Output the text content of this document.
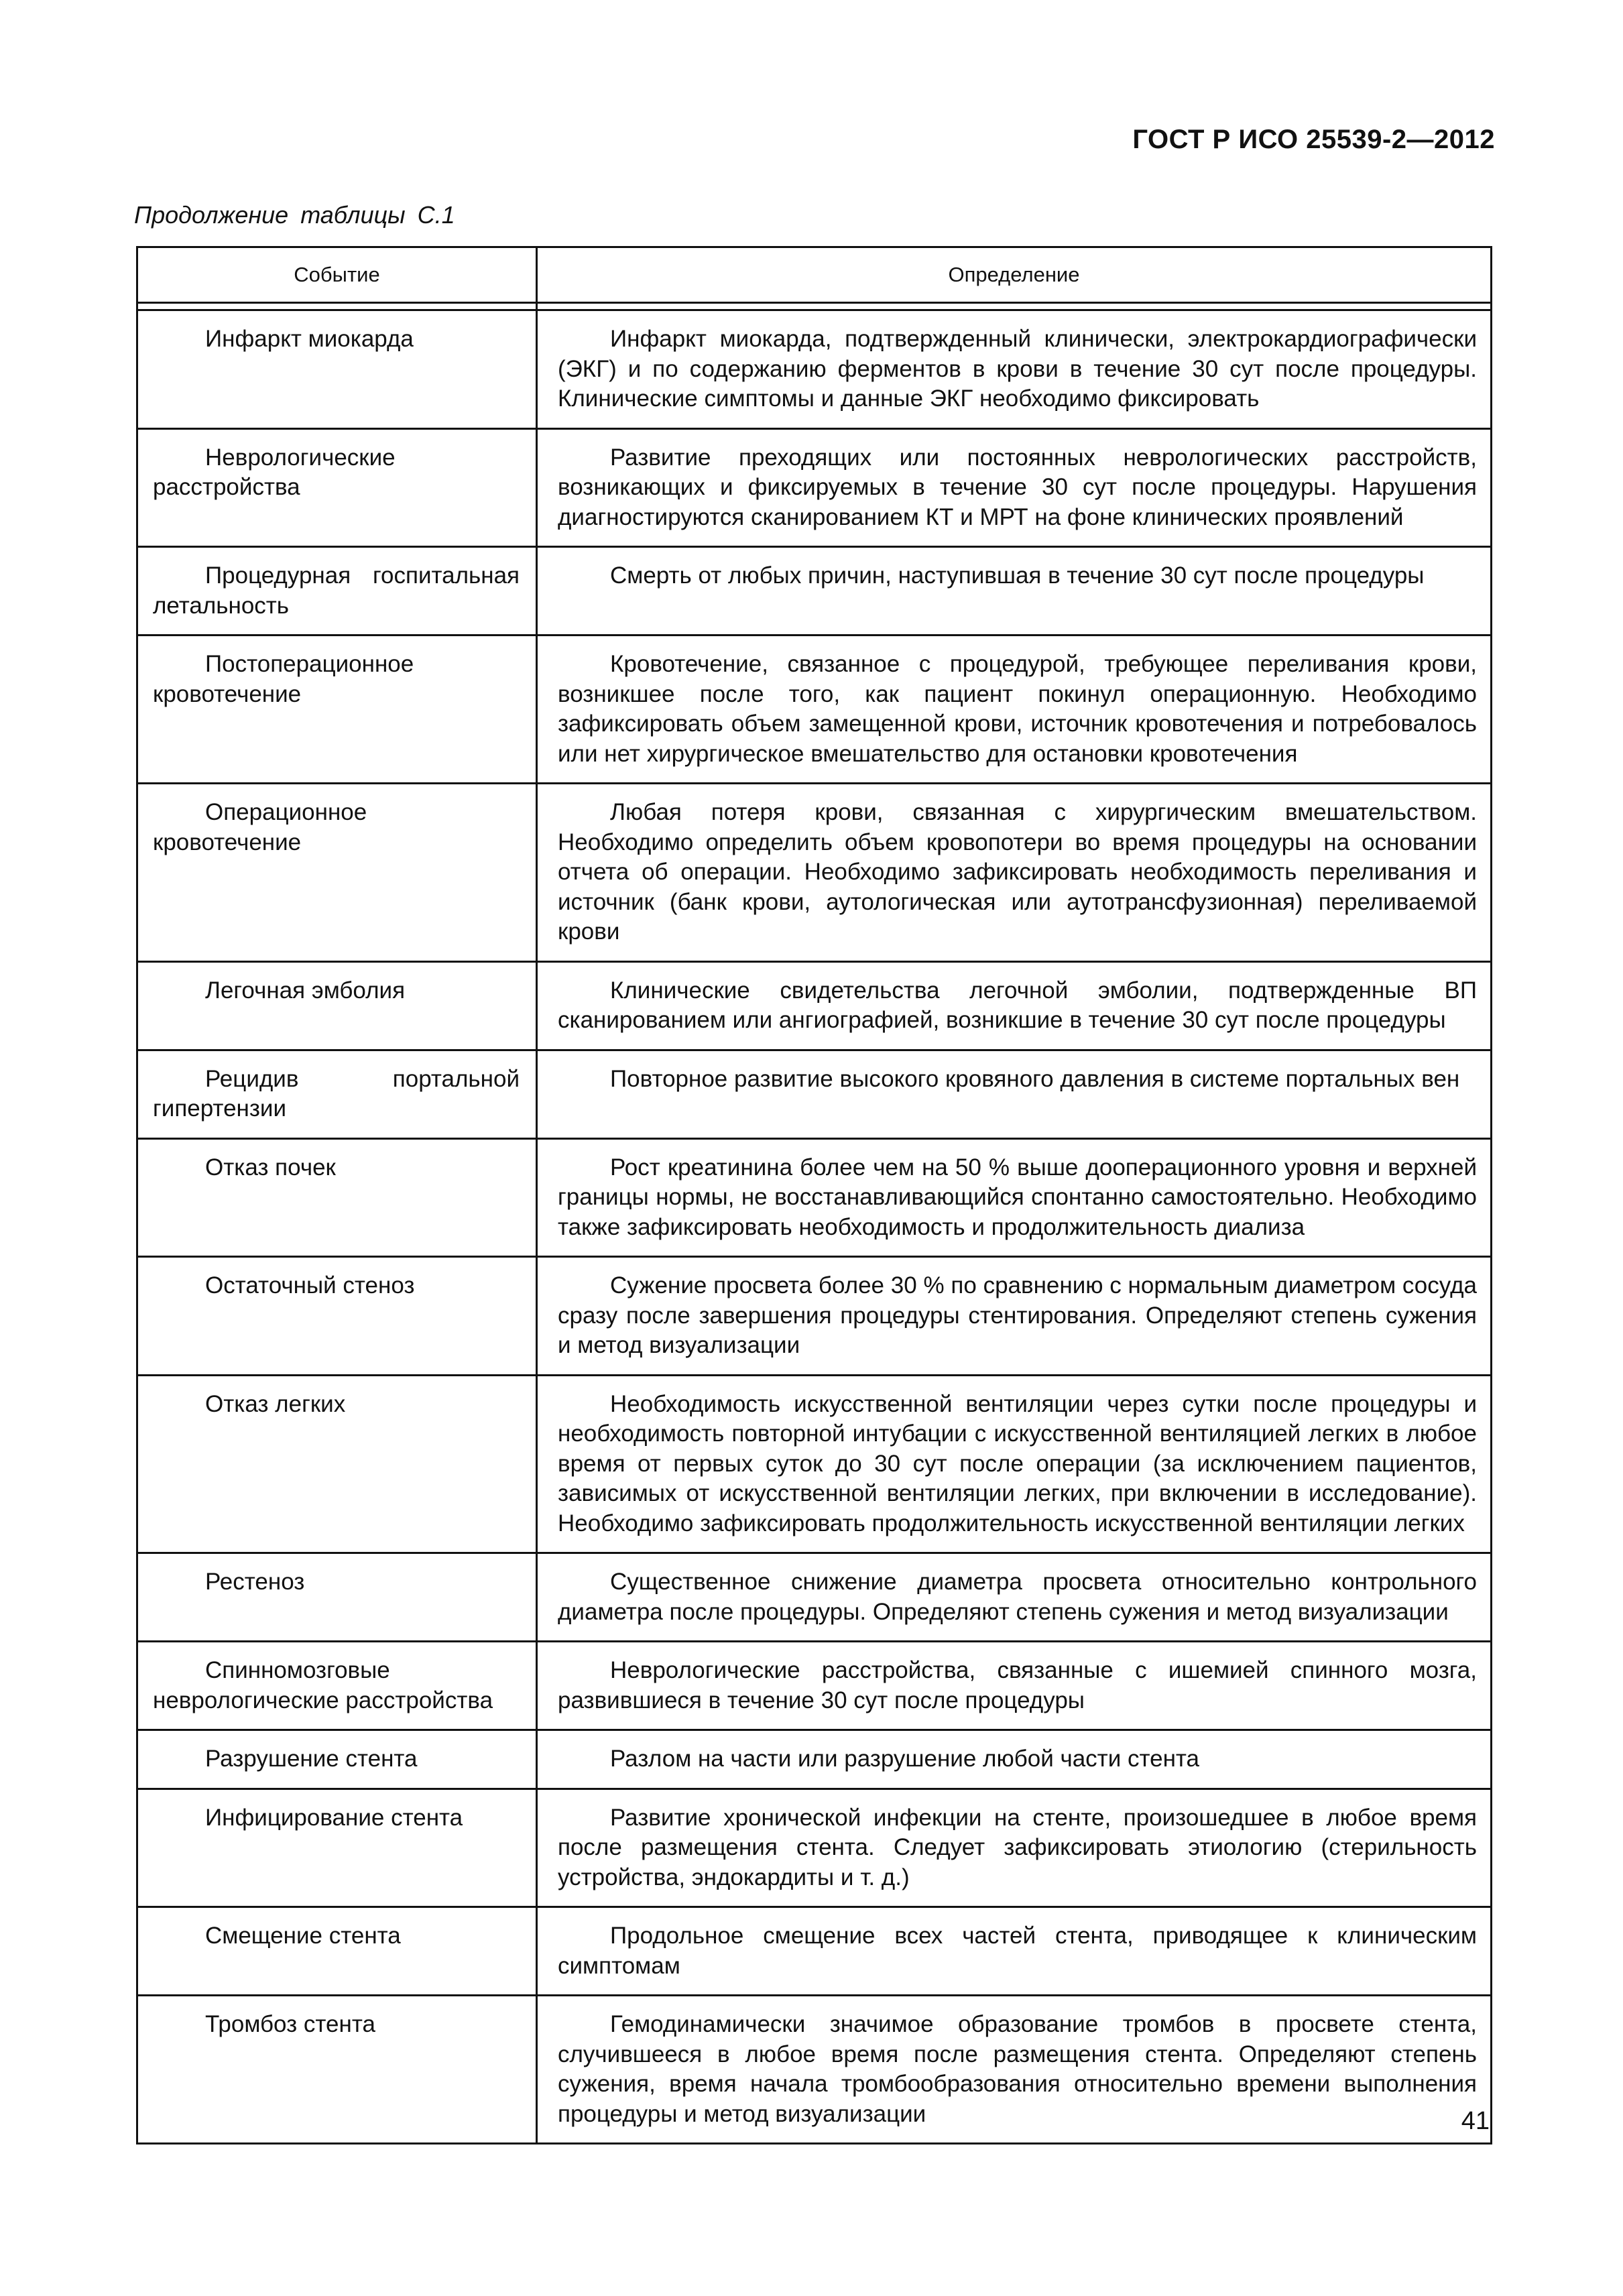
ГОСТ Р ИСО 25539-2—2012
Продолжение таблицы С.1
Событие	Определение

Инфаркт миокарда	Инфаркт миокарда, подтвержденный клинически, электрокардиографически (ЭКГ) и по содержанию ферментов в крови в течение 30 сут после процедуры. Клинические симптомы и данные ЭКГ необходимо фиксировать
Неврологические расстройства	Развитие преходящих или постоянных неврологических расстройств, возникающих и фиксируемых в течение 30 сут после процедуры. Нарушения диагностируются сканированием КТ и МРТ на фоне клинических проявлений
Процедурная госпитальная летальность	Смерть от любых причин, наступившая в течение 30 сут после процедуры
Постоперационное кровотечение	Кровотечение, связанное с процедурой, требующее переливания крови, возникшее после того, как пациент покинул операционную. Необходимо зафиксировать объем замещенной крови, источник кровотечения и потребовалось или нет хирургическое вмешательство для остановки кровотечения
Операционное кровотечение	Любая потеря крови, связанная с хирургическим вмешательством. Необходимо определить объем кровопотери во время процедуры на основании отчета об операции. Необходимо зафиксировать необходимость переливания и источник (банк крови, аутологическая или аутотрансфузионная) переливаемой крови
Легочная эмболия	Клинические свидетельства легочной эмболии, подтвержденные ВП сканированием или ангиографией, возникшие в течение 30 сут после процедуры
Рецидив портальной гипертензии	Повторное развитие высокого кровяного давления в системе портальных вен
Отказ почек	Рост креатинина более чем на 50 % выше дооперационного уровня и верхней границы нормы, не восстанавливающийся спонтанно самостоятельно. Необходимо также зафиксировать необходимость и продолжительность диализа
Остаточный стеноз	Сужение просвета более 30 % по сравнению с нормальным диаметром сосуда сразу после завершения процедуры стентирования. Определяют степень сужения и метод визуализации
Отказ легких	Необходимость искусственной вентиляции через сутки после процедуры и необходимость повторной интубации с искусственной вентиляцией легких в любое время от первых суток до 30 сут после операции (за исключением пациентов, зависимых от искусственной вентиляции легких, при включении в исследование). Необходимо зафиксировать продолжительность искусственной вентиляции легких
Рестеноз	Существенное снижение диаметра просвета относительно контрольного диаметра после процедуры. Определяют степень сужения и метод визуализации
Спинномозговые неврологические расстройства	Неврологические расстройства, связанные с ишемией спинного мозга, развившиеся в течение 30 сут после процедуры
Разрушение стента	Разлом на части или разрушение любой части стента
Инфицирование стента	Развитие хронической инфекции на стенте, произошедшее в любое время после размещения стента. Следует зафиксировать этиологию (стерильность устройства, эндокардиты и т. д.)
Смещение стента	Продольное смещение всех частей стента, приводящее к клиническим симптомам
Тромбоз стента	Гемодинамически значимое образование тромбов в просвете стента, случившееся в любое время после размещения стента. Определяют степень сужения, время начала тромбообразования относительно времени выполнения процедуры и метод визуализации	41
